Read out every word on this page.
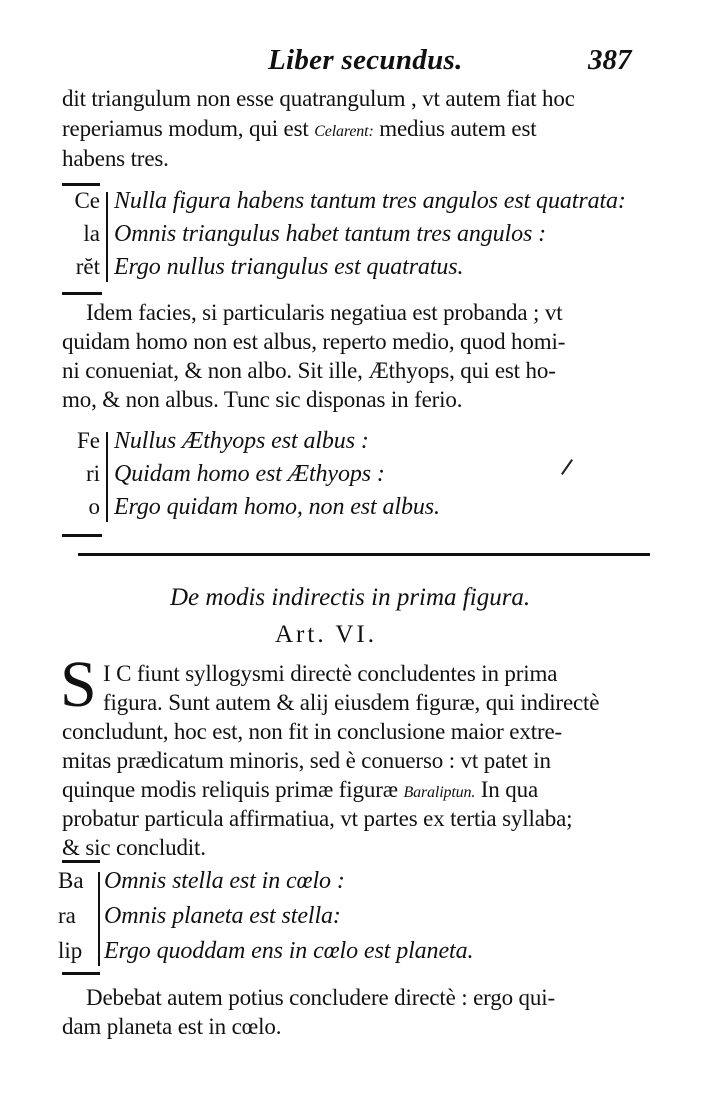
Liber secundus.	387
dit triangulum non esse quatrangulum , vt autem fiat hoc
reperiamus modum, qui est Celarent: medius autem est
habens tres.
Ce
la
rĕt
Nulla figura habens tantum tres angulos est quatrata:
Omnis triangulus habet tantum tres angulos :
Ergo nullus triangulus est quatratus.
Idem facies, si particularis negatiua est probanda ; vt
quidam homo non est albus, reperto medio, quod homi-
ni conueniat, & non albo. Sit ille, Æthyops, qui est ho-
mo, & non albus. Tunc sic disponas in ferio.
Fe
ri
o
Nullus Æthyops est albus :
Quidam homo est Æthyops :
Ergo quidam homo, non est albus.
De modis indirectis in prima figura.
Art. VI.
S I C fiunt syllogysmi directè concludentes in prima
figura. Sunt autem & alij eiusdem figuræ, qui indirectè
concludunt, hoc est, non fit in conclusione maior extre-
mitas prædicatum minoris, sed è conuerso : vt patet in
quinque modis reliquis primæ figuræ Baraliptun. In qua
probatur particula affirmatiua, vt partes ex tertia syllaba;
& sic concludit.
Ba
ra
lip
Omnis stella est in cœlo :
Omnis planeta est stella:
Ergo quoddam ens in cœlo est planeta.
Debebat autem potius concludere directè : ergo qui-
dam planeta est in cœlo.
